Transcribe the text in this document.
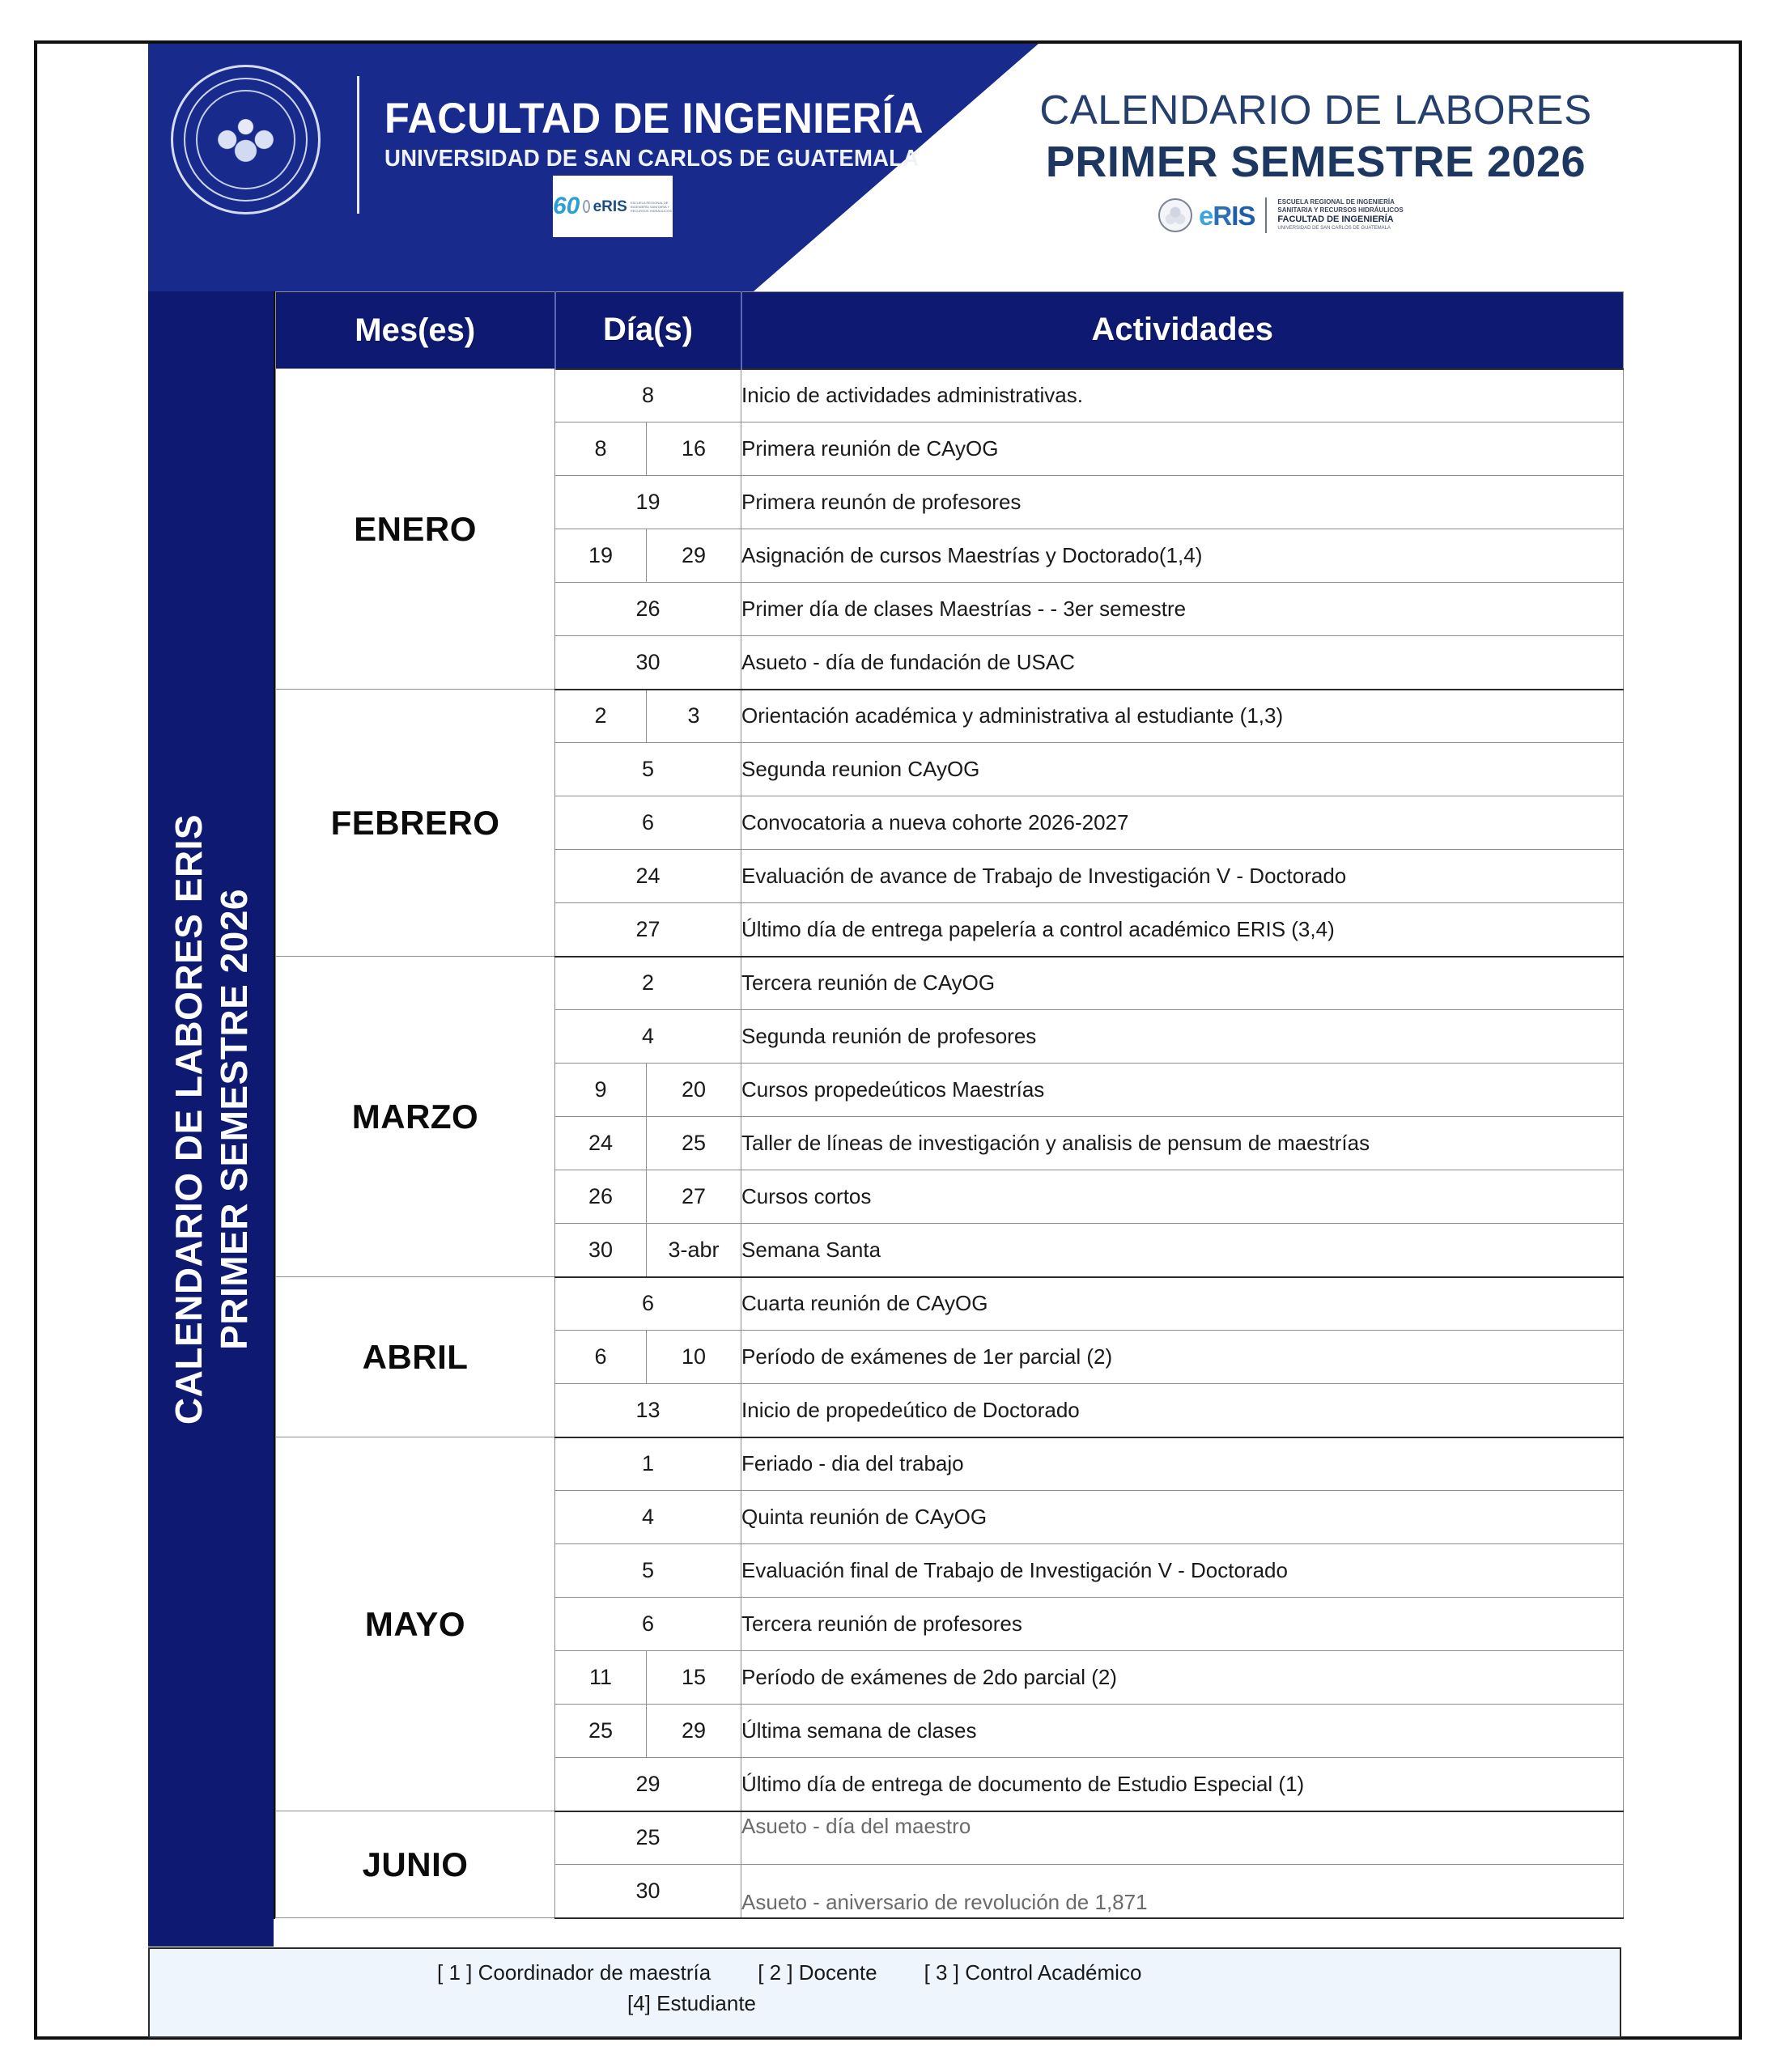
FACULTAD DE INGENIERÍA
UNIVERSIDAD DE SAN CARLOS DE GUATEMALA
60 eRIS ESCUELA REGIONAL DE INGENIERÍA SANITARIA Y RECURSOS HIDRÁULICOS
CALENDARIO DE LABORES
PRIMER SEMESTRE 2026
eRIS	ESCUELA REGIONAL DE INGENIERÍA
SANITARIA Y RECURSOS HIDRÁULICOS
FACULTAD DE INGENIERÍA
UNIVERSIDAD DE SAN CARLOS DE GUATEMALA
CALENDARIO DE LABORES ERIS PRIMER SEMESTRE 2026
Mes(es)	Día(s)		Actividades
ENERO	8		Inicio de actividades administrativas.
	8	16	Primera reunión de CAyOG
	19		Primera reunón de profesores
	19	29	Asignación de cursos Maestrías y Doctorado(1,4)
	26		Primer día de clases Maestrías - - 3er semestre
	30		Asueto - día de fundación de USAC
FEBRERO	2	3	Orientación académica y administrativa al estudiante (1,3)
	5		Segunda reunion CAyOG
	6		Convocatoria a nueva cohorte 2026-2027
	24		Evaluación de avance de Trabajo de Investigación V - Doctorado
	27		Último día de entrega papelería a control académico ERIS (3,4)
MARZO	2		Tercera reunión de CAyOG
	4		Segunda reunión de profesores
	9	20	Cursos propedeúticos Maestrías
	24	25	Taller de líneas de investigación y analisis de pensum de maestrías
	26	27	Cursos cortos
	30	3-abr	Semana Santa
ABRIL	6		Cuarta reunión de CAyOG
	6	10	Período de exámenes de 1er parcial (2)
	13		Inicio de propedeútico de Doctorado
MAYO	1		Feriado - dia del trabajo
	4		Quinta reunión de CAyOG
	5		Evaluación final de Trabajo de Investigación V - Doctorado
	6		Tercera reunión de profesores
	11	15	Período de exámenes de 2do parcial (2)
	25	29	Última semana de clases
	29		Último día de entrega de documento de Estudio Especial (1)
JUNIO	25		Asueto - día del maestro
	30		Asueto - aniversario de revolución de 1,871
[ 1 ] Coordinador de maestría [ 2 ] Docente [ 3 ] Control Académico
[4] Estudiante
